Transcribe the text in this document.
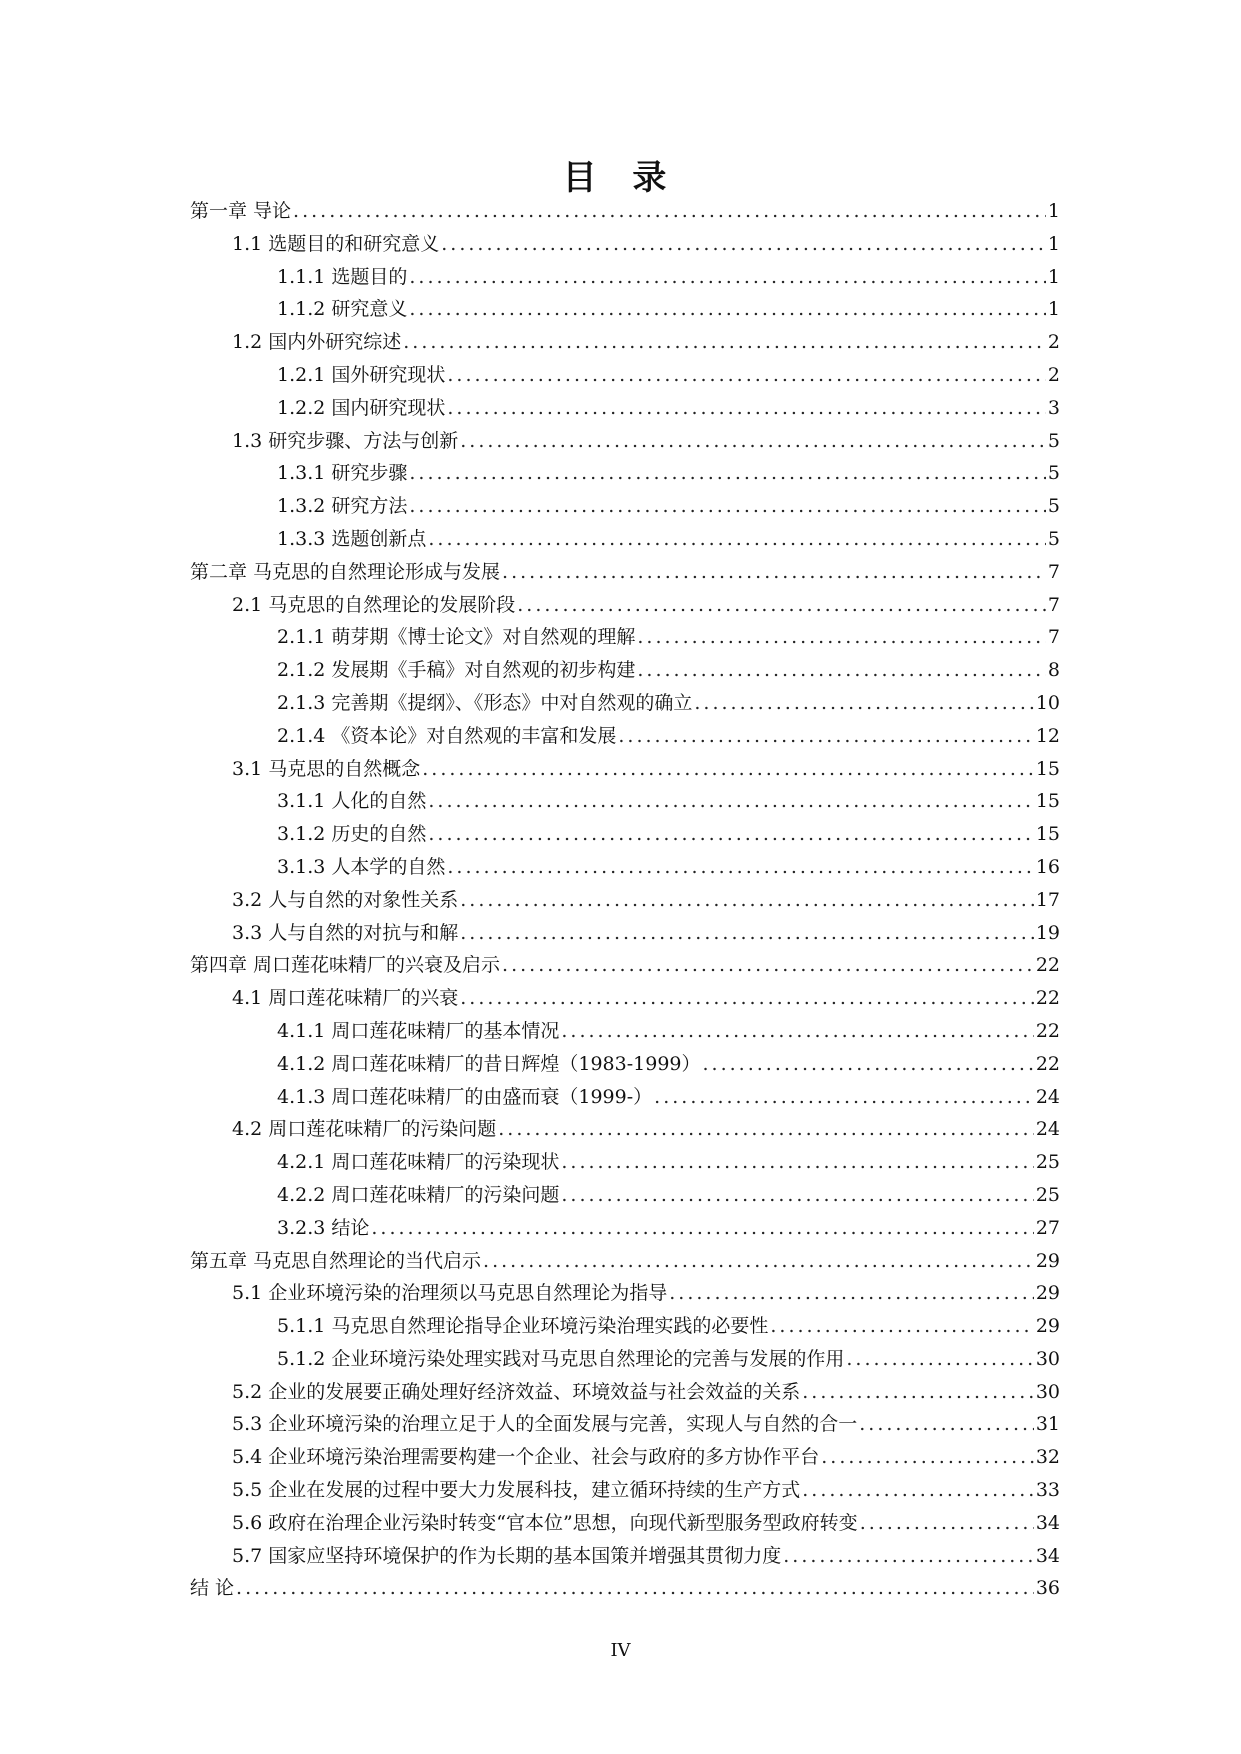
目 录
第一章 导论 .....	1
1.1 选题目的和研究意义 .....	1
1.1.1 选题目的 .....	1
1.1.2 研究意义 .....	1
1.2 国内外研究综述 .....	2
1.2.1 国外研究现状 .....	2
1.2.2 国内研究现状 .....	3
1.3 研究步骤、方法与创新 .....	5
1.3.1 研究步骤 .....	5
1.3.2 研究方法 .....	5
1.3.3 选题创新点 .....	5
第二章 马克思的自然理论形成与发展 .....	7
2.1 马克思的自然理论的发展阶段 .....	7
2.1.1 萌芽期《博士论文》对自然观的理解 .....	7
2.1.2 发展期《手稿》对自然观的初步构建 .....	8
2.1.3 完善期《提纲》、《形态》中对自然观的确立 .....	10
2.1.4 《资本论》对自然观的丰富和发展 .....	12
3.1 马克思的自然概念 .....	15
3.1.1 人化的自然 .....	15
3.1.2 历史的自然 .....	15
3.1.3 人本学的自然 .....	16
3.2 人与自然的对象性关系 .....	17
3.3 人与自然的对抗与和解 .....	19
第四章 周口莲花味精厂的兴衰及启示 .....	22
4.1 周口莲花味精厂的兴衰 .....	22
4.1.1 周口莲花味精厂的基本情况 .....	22
4.1.2 周口莲花味精厂的昔日辉煌（1983-1999） .....	22
4.1.3 周口莲花味精厂的由盛而衰（1999-） .....	24
4.2 周口莲花味精厂的污染问题 .....	24
4.2.1 周口莲花味精厂的污染现状 .....	25
4.2.2 周口莲花味精厂的污染问题 .....	25
3.2.3 结论 .....	27
第五章 马克思自然理论的当代启示 .....	29
5.1 企业环境污染的治理须以马克思自然理论为指导 .....	29
5.1.1 马克思自然理论指导企业环境污染治理实践的必要性 .....	29
5.1.2 企业环境污染处理实践对马克思自然理论的完善与发展的作用 .....	30
5.2 企业的发展要正确处理好经济效益、环境效益与社会效益的关系 .....	30
5.3 企业环境污染的治理立足于人的全面发展与完善，实现人与自然的合一 .....	31
5.4 企业环境污染治理需要构建一个企业、社会与政府的多方协作平台 .....	32
5.5 企业在发展的过程中要大力发展科技，建立循环持续的生产方式 .....	33
5.6 政府在治理企业污染时转变“官本位”思想，向现代新型服务型政府转变 .....	34
5.7 国家应坚持环境保护的作为长期的基本国策并增强其贯彻力度 .....	34
结 论 .....	36
IV
